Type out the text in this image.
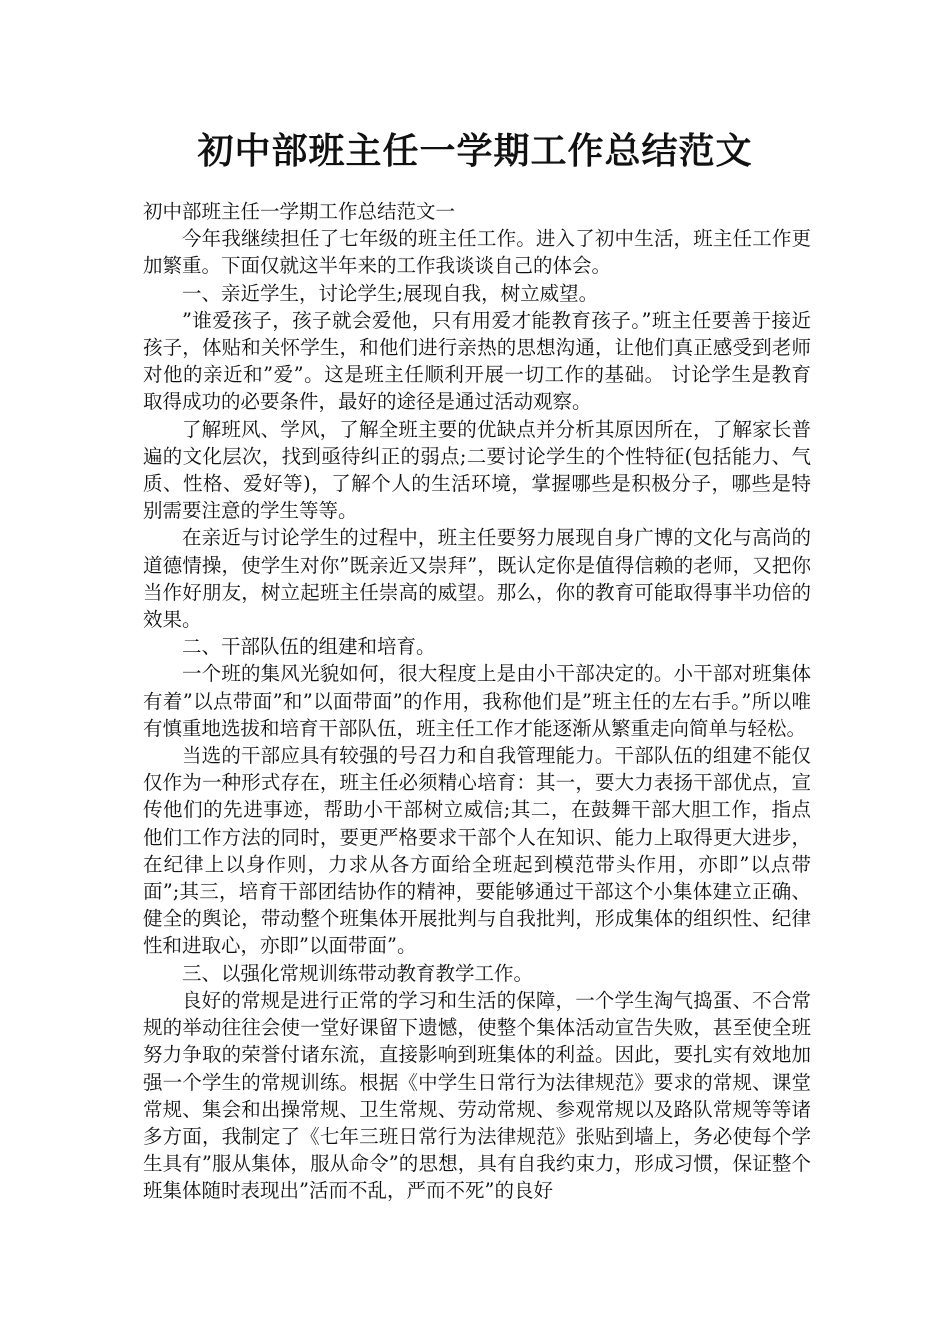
初中部班主任一学期工作总结范文

初中部班主任一学期工作总结范文一

今年我继续担任了七年级的班主任工作。进入了初中生活，班主任工作更加繁重。下面仅就这半年来的工作我谈谈自己的体会。

一、亲近学生，讨论学生;展现自我，树立威望。

”谁爱孩子，孩子就会爱他，只有用爱才能教育孩子。”班主任要善于接近孩子，体贴和关怀学生，和他们进行亲热的思想沟通，让他们真正感受到老师对他的亲近和”爱”。这是班主任顺利开展一切工作的基础。 讨论学生是教育取得成功的必要条件，最好的途径是通过活动观察。

了解班风、学风，了解全班主要的优缺点并分析其原因所在，了解家长普遍的文化层次，找到亟待纠正的弱点;二要讨论学生的个性特征(包括能力、气质、性格、爱好等)，了解个人的生活环境，掌握哪些是积极分子，哪些是特别需要注意的学生等等。

在亲近与讨论学生的过程中，班主任要努力展现自身广博的文化与高尚的道德情操，使学生对你”既亲近又崇拜”，既认定你是值得信赖的老师，又把你当作好朋友，树立起班主任崇高的威望。那么，你的教育可能取得事半功倍的效果。

二、干部队伍的组建和培育。

一个班的集风光貌如何，很大程度上是由小干部决定的。小干部对班集体有着”以点带面”和”以面带面”的作用，我称他们是”班主任的左右手。”所以唯有慎重地选拔和培育干部队伍，班主任工作才能逐渐从繁重走向简单与轻松。

当选的干部应具有较强的号召力和自我管理能力。干部队伍的组建不能仅仅作为一种形式存在，班主任必须精心培育：其一，要大力表扬干部优点，宣传他们的先进事迹，帮助小干部树立威信;其二，在鼓舞干部大胆工作，指点他们工作方法的同时，要更严格要求干部个人在知识、能力上取得更大进步，在纪律上以身作则，力求从各方面给全班起到模范带头作用，亦即”以点带面”;其三，培育干部团结协作的精神，要能够通过干部这个小集体建立正确、健全的舆论，带动整个班集体开展批判与自我批判，形成集体的组织性、纪律性和进取心，亦即”以面带面”。

三、以强化常规训练带动教育教学工作。

良好的常规是进行正常的学习和生活的保障，一个学生淘气捣蛋、不合常规的举动往往会使一堂好课留下遗憾，使整个集体活动宣告失败，甚至使全班努力争取的荣誉付诸东流，直接影响到班集体的利益。因此，要扎实有效地加强一个学生的常规训练。根据《中学生日常行为法律规范》要求的常规、课堂常规、集会和出操常规、卫生常规、劳动常规、参观常规以及路队常规等等诸多方面，我制定了《七年三班日常行为法律规范》张贴到墙上，务必使每个学生具有”服从集体，服从命令”的思想，具有自我约束力，形成习惯，保证整个班集体随时表现出”活而不乱，严而不死”的良好
